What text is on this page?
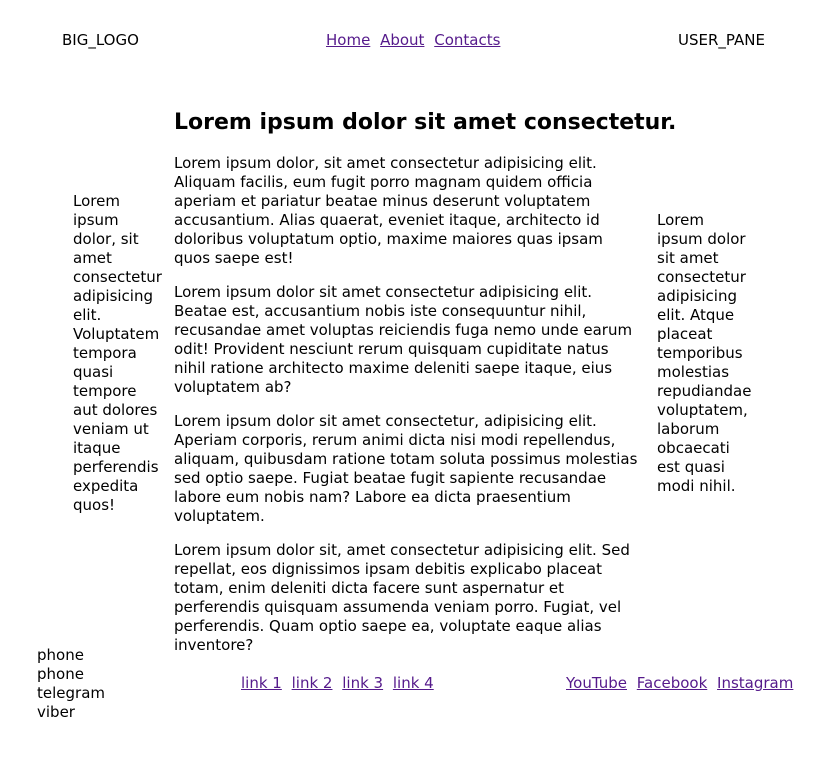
BIG_LOGO	Home About Contacts	USER_PANE
Lorem ipsum dolor, sit amet consectetur adipisicing elit. Voluptatem tempora quasi tempore aut dolores veniam ut itaque perferendis expedita quos!
Lorem ipsum dolor sit amet consectetur.

Lorem ipsum dolor, sit amet consectetur adipisicing elit. Aliquam facilis, eum fugit porro magnam quidem officia aperiam et pariatur beatae minus deserunt voluptatem accusantium. Alias quaerat, eveniet itaque, architecto id doloribus voluptatum optio, maxime maiores quas ipsam quos saepe est!

Lorem ipsum dolor sit amet consectetur adipisicing elit. Beatae est, accusantium nobis iste consequuntur nihil, recusandae amet voluptas reiciendis fuga nemo unde earum odit! Provident nesciunt rerum quisquam cupiditate natus nihil ratione architecto maxime deleniti saepe itaque, eius voluptatem ab?

Lorem ipsum dolor sit amet consectetur, adipisicing elit. Aperiam corporis, rerum animi dicta nisi modi repellendus, aliquam, quibusdam ratione totam soluta possimus molestias sed optio saepe. Fugiat beatae fugit sapiente recusandae labore eum nobis nam? Labore ea dicta praesentium voluptatem.

Lorem ipsum dolor sit, amet consectetur adipisicing elit. Sed repellat, eos dignissimos ipsam debitis explicabo placeat totam, enim deleniti dicta facere sunt aspernatur et perferendis quisquam assumenda veniam porro. Fugiat, vel perferendis. Quam optio saepe ea, voluptate eaque alias inventore?

Lorem ipsum dolor sit amet consectetur adipisicing elit. Atque placeat temporibus molestias repudiandae voluptatem, laborum obcaecati est quasi modi nihil.
phone
phone
telegram
viber
link 1 link 2 link 3 link 4	YouTube Facebook Instagram
